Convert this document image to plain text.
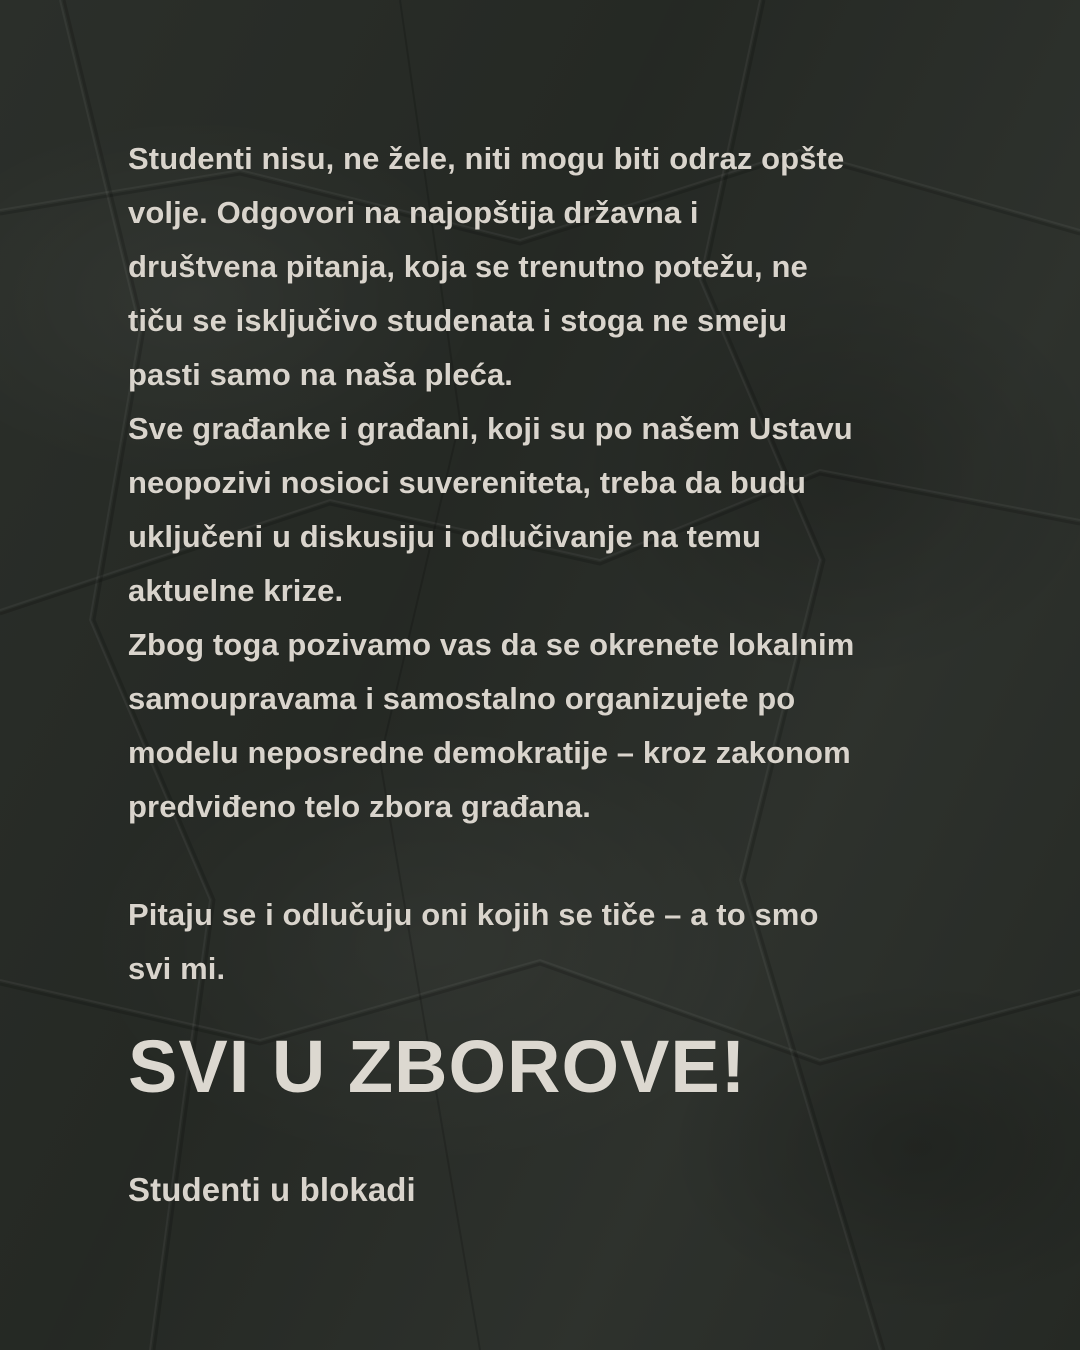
Studenti nisu, ne žele, niti mogu biti odraz opšte
volje. Odgovori na najopštija državna i
društvena pitanja, koja se trenutno potežu, ne
tiču se isključivo studenata i stoga ne smeju
pasti samo na naša pleća.
Sve građanke i građani, koji su po našem Ustavu
neopozivi nosioci suvereniteta, treba da budu
uključeni u diskusiju i odlučivanje na temu
aktuelne krize.
Zbog toga pozivamo vas da se okrenete lokalnim
samoupravama i samostalno organizujete po
modelu neposredne demokratije – kroz zakonom
predviđeno telo zbora građana.
Pitaju se i odlučuju oni kojih se tiče – a to smo
svi mi.
SVI U ZBOROVE!
Studenti u blokadi
